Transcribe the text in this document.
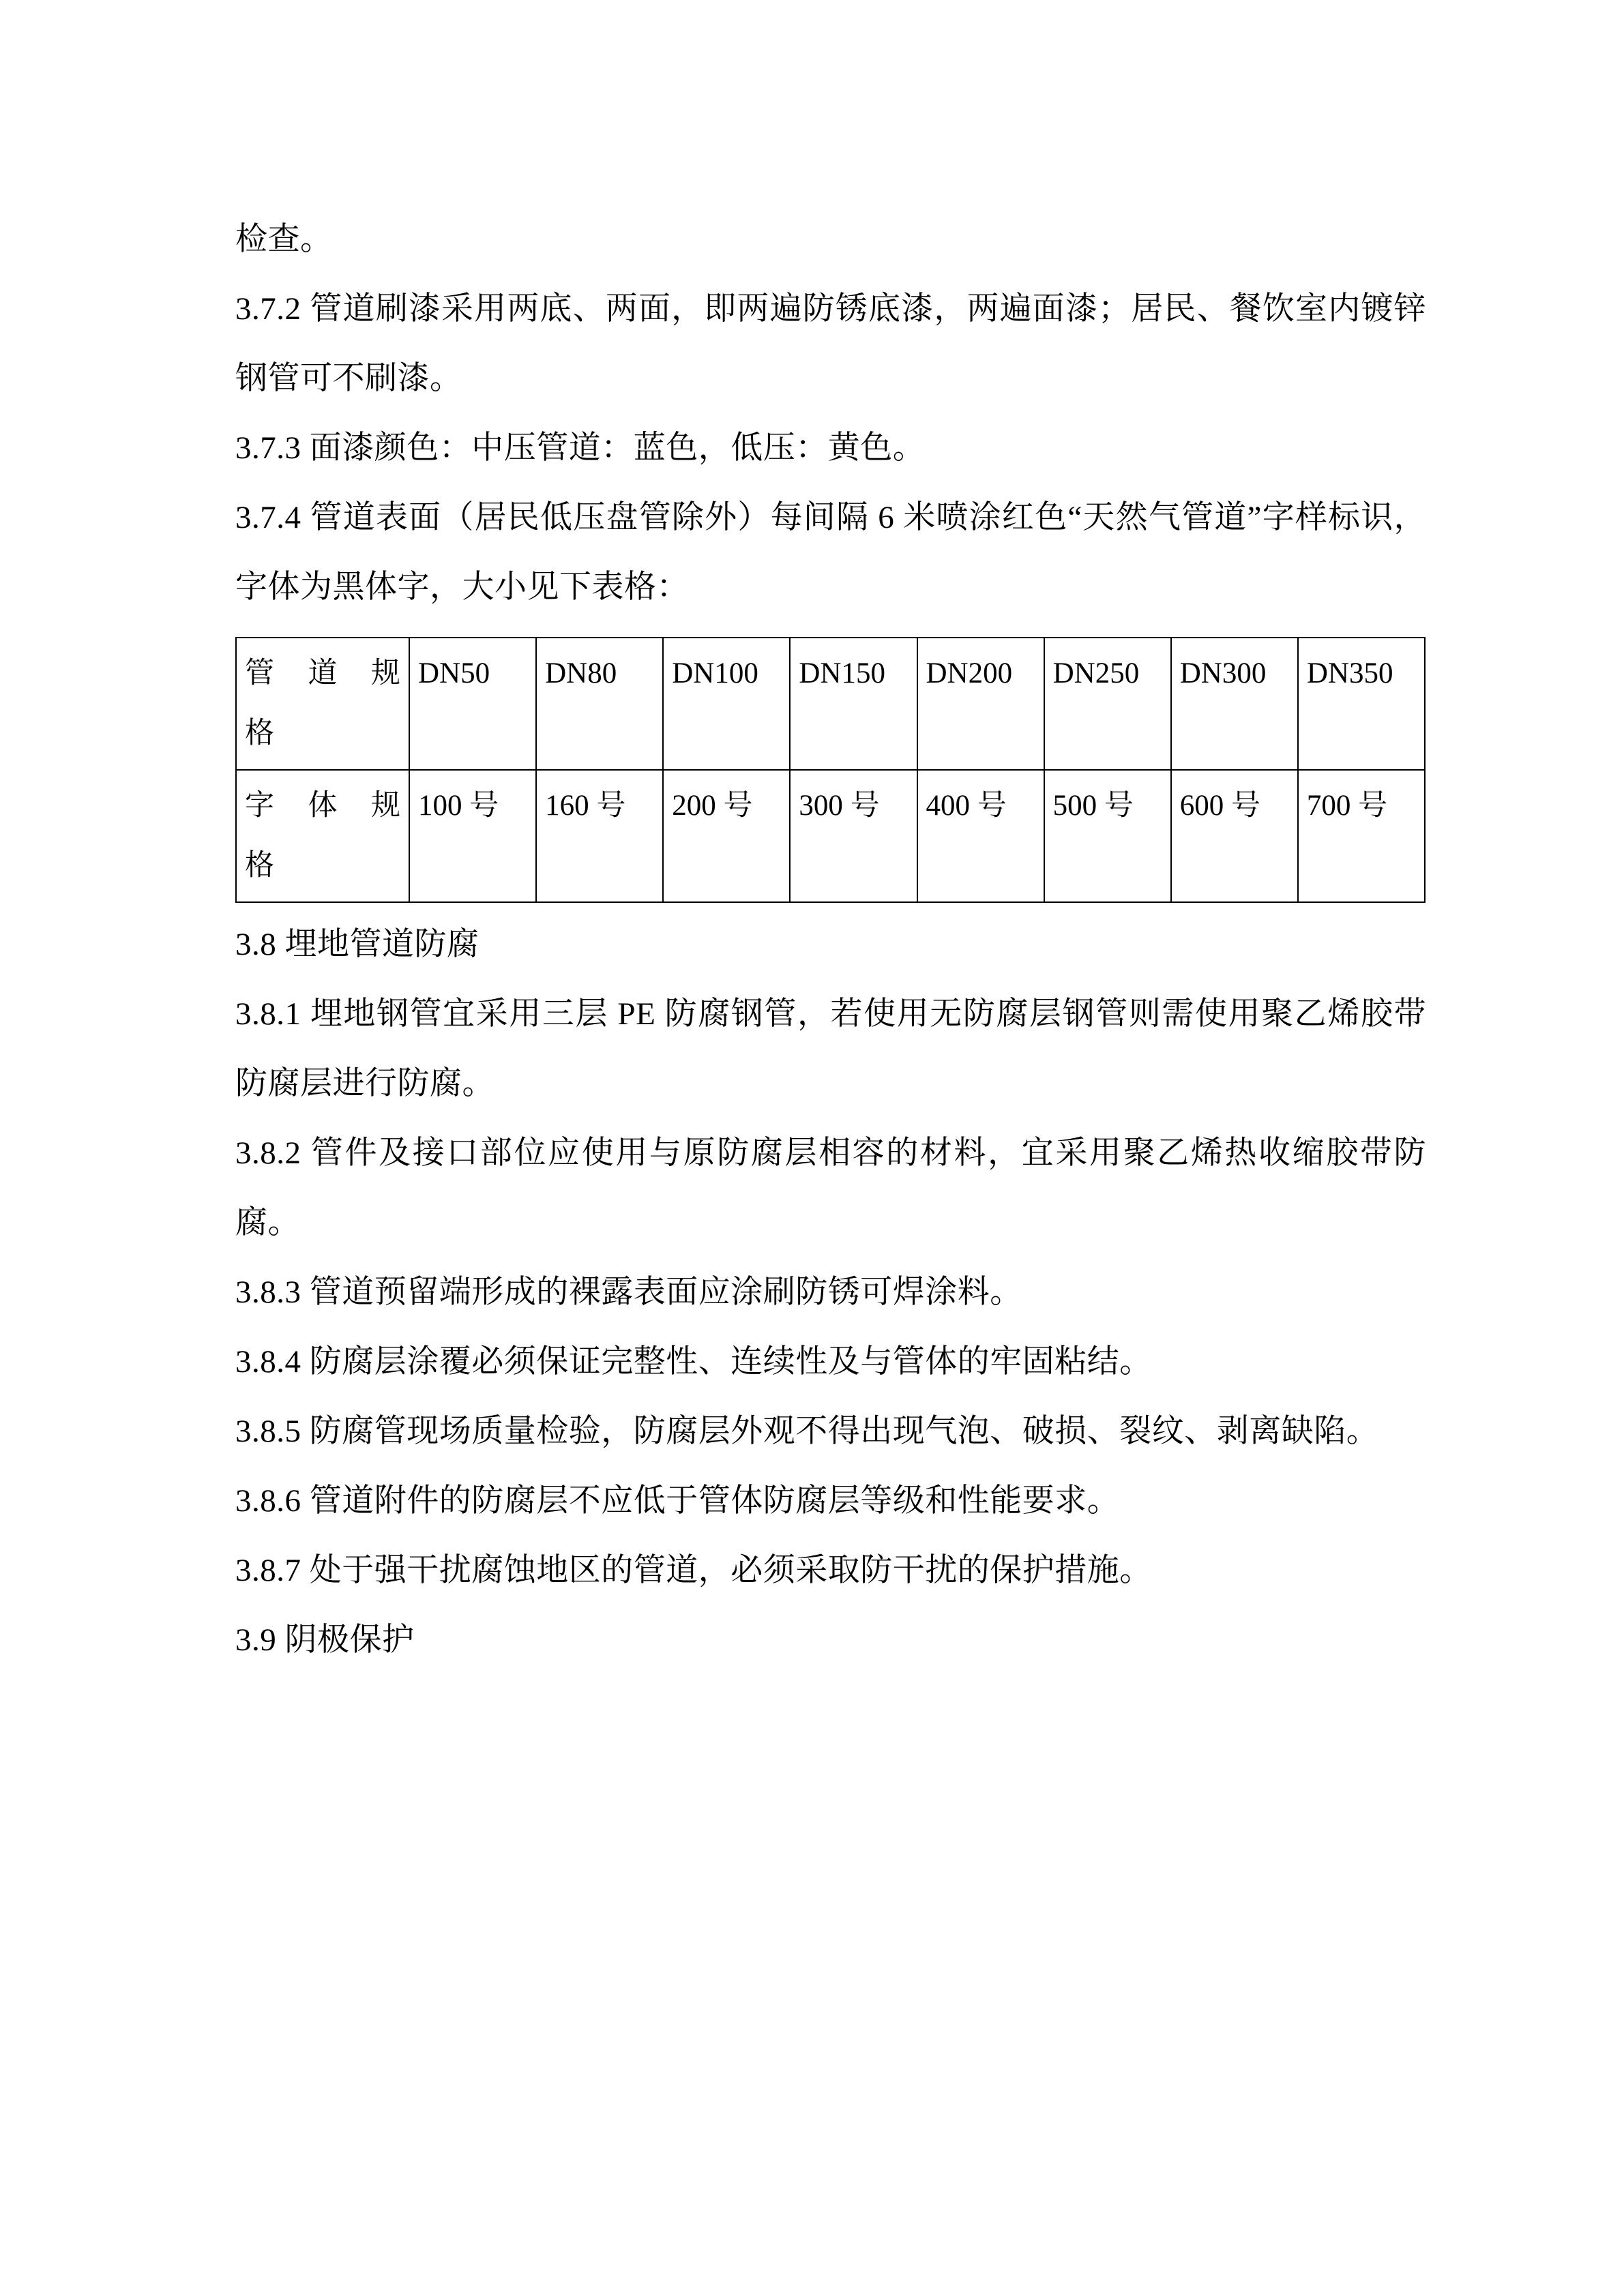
检查。

3.7.2 管道刷漆采用两底、两面，即两遍防锈底漆，两遍面漆；居民、餐饮室内镀锌钢管可不刷漆。

3.7.3 面漆颜色：中压管道：蓝色，低压：黄色。

3.7.4 管道表面（居民低压盘管除外）每间隔 6 米喷涂红色“天然气管道”字样标识，字体为黑体字，大小见下表格：

管 道 规
格	DN50	DN80	DN100	DN150	DN200	DN250	DN300	DN350

字 体 规
格	100 号	160 号	200 号	300 号	400 号	500 号	600 号	700 号

3.8 埋地管道防腐

3.8.1 埋地钢管宜采用三层 PE 防腐钢管，若使用无防腐层钢管则需使用聚乙烯胶带防腐层进行防腐。

3.8.2 管件及接口部位应使用与原防腐层相容的材料，宜采用聚乙烯热收缩胶带防腐。

3.8.3 管道预留端形成的裸露表面应涂刷防锈可焊涂料。

3.8.4 防腐层涂覆必须保证完整性、连续性及与管体的牢固粘结。

3.8.5 防腐管现场质量检验，防腐层外观不得出现气泡、破损、裂纹、剥离缺陷。

3.8.6 管道附件的防腐层不应低于管体防腐层等级和性能要求。

3.8.7 处于强干扰腐蚀地区的管道，必须采取防干扰的保护措施。

3.9 阴极保护
